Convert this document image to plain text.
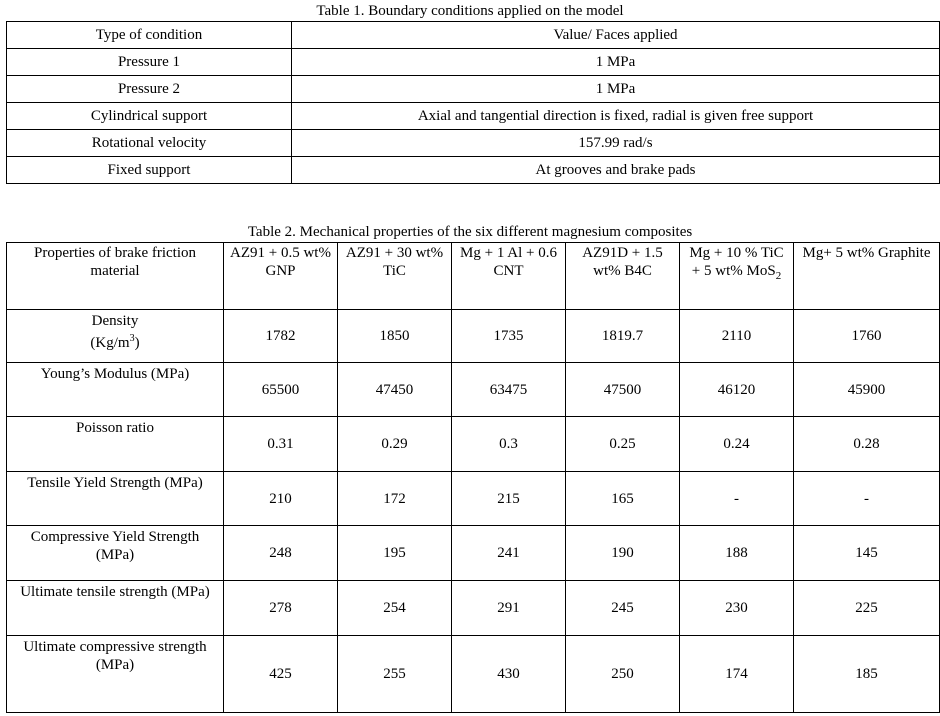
Table 1. Boundary conditions applied on the model
Type of condition	Value/ Faces applied
Pressure 1	1 MPa
Pressure 2	1 MPa
Cylindrical support	Axial and tangential direction is fixed, radial is given free support
Rotational velocity	157.99 rad/s
Fixed support	At grooves and brake pads
Table 2. Mechanical properties of the six different magnesium composites
Properties of brake friction material	AZ91 + 0.5 wt% GNP	AZ91 + 30 wt% TiC	Mg + 1 Al + 0.6 CNT	AZ91D + 1.5 wt% B4C	Mg + 10 % TiC + 5 wt% MoS$_2$	Mg+ 5 wt% Graphite

Density
$(Kg/m^3)$	1782	1850	1735	1819.7	2110	1760
Young’s Modulus (MPa)	65500	47450	63475	47500	46120	45900
Poisson ratio	0.31	0.29	0.3	0.25	0.24	0.28
Tensile Yield Strength (MPa)	210	172	215	165	-	-
Compressive Yield Strength (MPa)	248	195	241	190	188	145
Ultimate tensile strength (MPa)	278	254	291	245	230	225
Ultimate compressive strength (MPa)	425	255	430	250	174	185
